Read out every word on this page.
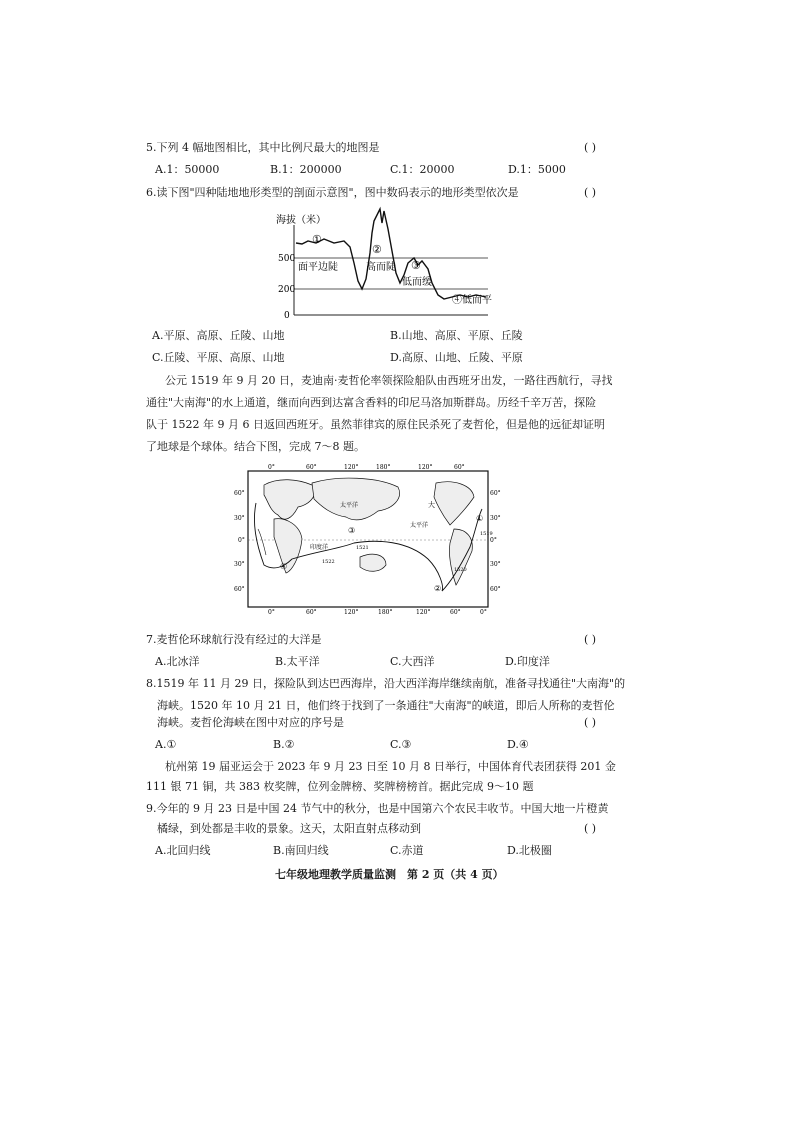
5.下列 4 幅地图相比，其中比例尺最大的地图是	( )
A.1：50000	B.1：200000	C.1：20000	D.1：5000
6.读下图"四种陆地地形类型的剖面示意图"，图中数码表示的地形类型依次是	( )
海拔（米）
500
200
0
①
②
③
④低而平
面平边陡	高而陡
低而缓
A.平原、高原、丘陵、山地	B.山地、高原、平原、丘陵
C.丘陵、平原、高原、山地	D.高原、山地、丘陵、平原
公元 1519 年 9 月 20 日，麦迪南·麦哲伦率领探险船队由西班牙出发，一路往西航行，寻找
通往"大南海"的水上通道，继而向西到达富含香料的印尼马洛加斯群岛。历经千辛万苦，探险
队于 1522 年 9 月 6 日返回西班牙。虽然菲律宾的原住民杀死了麦哲伦，但是他的远征却证明
了地球是个球体。结合下图，完成 7～8 题。
0°	60°	120°	180°	120°	60°
0°	60°	120°	180°	120°	60°	0°
60°
30°
0°
30°
60°
60°
30°
0°
30°
60°
太平洋
印度洋
大
太平洋
①
②
③
④
1521
1522
1519
1520
7.麦哲伦环球航行没有经过的大洋是	( )
A.北冰洋	B.太平洋	C.大西洋	D.印度洋
8.1519 年 11 月 29 日，探险队到达巴西海岸，沿大西洋海岸继续南航，准备寻找通往"大南海"的
海峡。1520 年 10 月 21 日，他们终于找到了一条通往"大南海"的峡道，即后人所称的麦哲伦
海峡。麦哲伦海峡在图中对应的序号是	( )
A.①	B.②	C.③	D.④
杭州第 19 届亚运会于 2023 年 9 月 23 日至 10 月 8 日举行，中国体育代表团获得 201 金
111 银 71 铜，共 383 枚奖牌，位列金牌榜、奖牌榜榜首。据此完成 9～10 题
9.今年的 9 月 23 日是中国 24 节气中的秋分，也是中国第六个农民丰收节。中国大地一片橙黄
橘绿，到处都是丰收的景象。这天，太阳直射点移动到	( )
A.北回归线	B.南回归线	C.赤道	D.北极圈
七年级地理教学质量监测　第 2 页（共 4 页）
